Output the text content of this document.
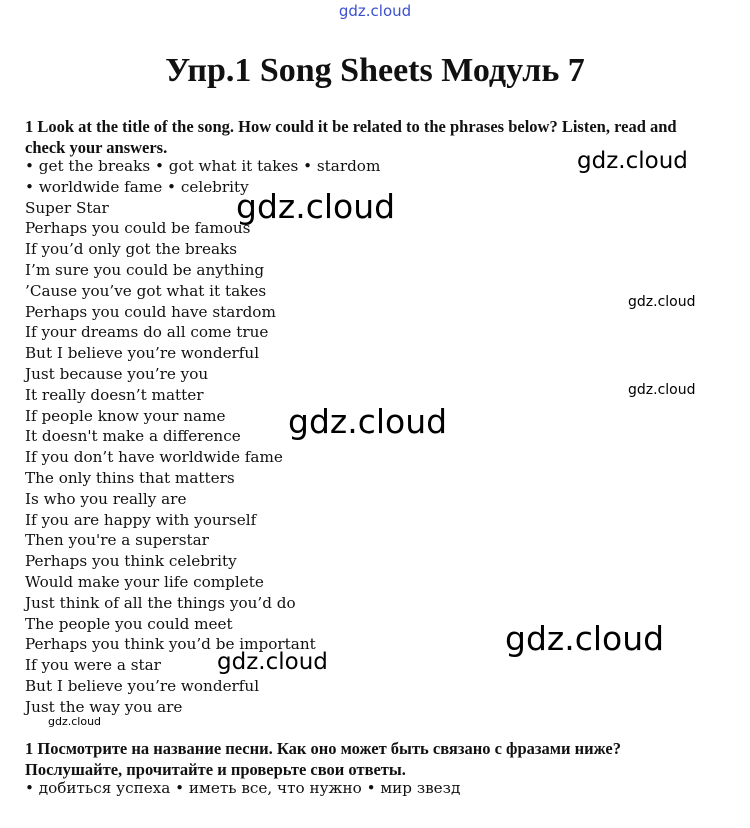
gdz.cloud
Упр.1 Song Sheets Модуль 7
1 Look at the title of the song. How could it be related to the phrases below? Listen, read and check your answers.
• get the breaks • got what it takes • stardom
• worldwide fame • celebrity
Super Star
Perhaps you could be famous
If you’d only got the breaks
I’m sure you could be anything
’Cause you’ve got what it takes
Perhaps you could have stardom
If your dreams do all come true
But I believe you’re wonderful
Just because you’re you
It really doesn’t matter
If people know your name
It doesn't make a difference
If you don’t have worldwide fame
The only thins that matters
Is who you really are
If you are happy with yourself
Then you're a superstar
Perhaps you think celebrity
Would make your life complete
Just think of all the things you’d do
The people you could meet
Perhaps you think you’d be important
If you were a star
But I believe you’re wonderful
Just the way you are
1 Посмотрите на название песни. Как оно может быть связано с фразами ниже? Послушайте, прочитайте и проверьте свои ответы.
• добиться успеха • иметь все, что нужно • мир звезд
gdz.cloud
gdz.cloud
gdz.cloud
gdz.cloud
gdz.cloud
gdz.cloud
gdz.cloud
gdz.cloud
